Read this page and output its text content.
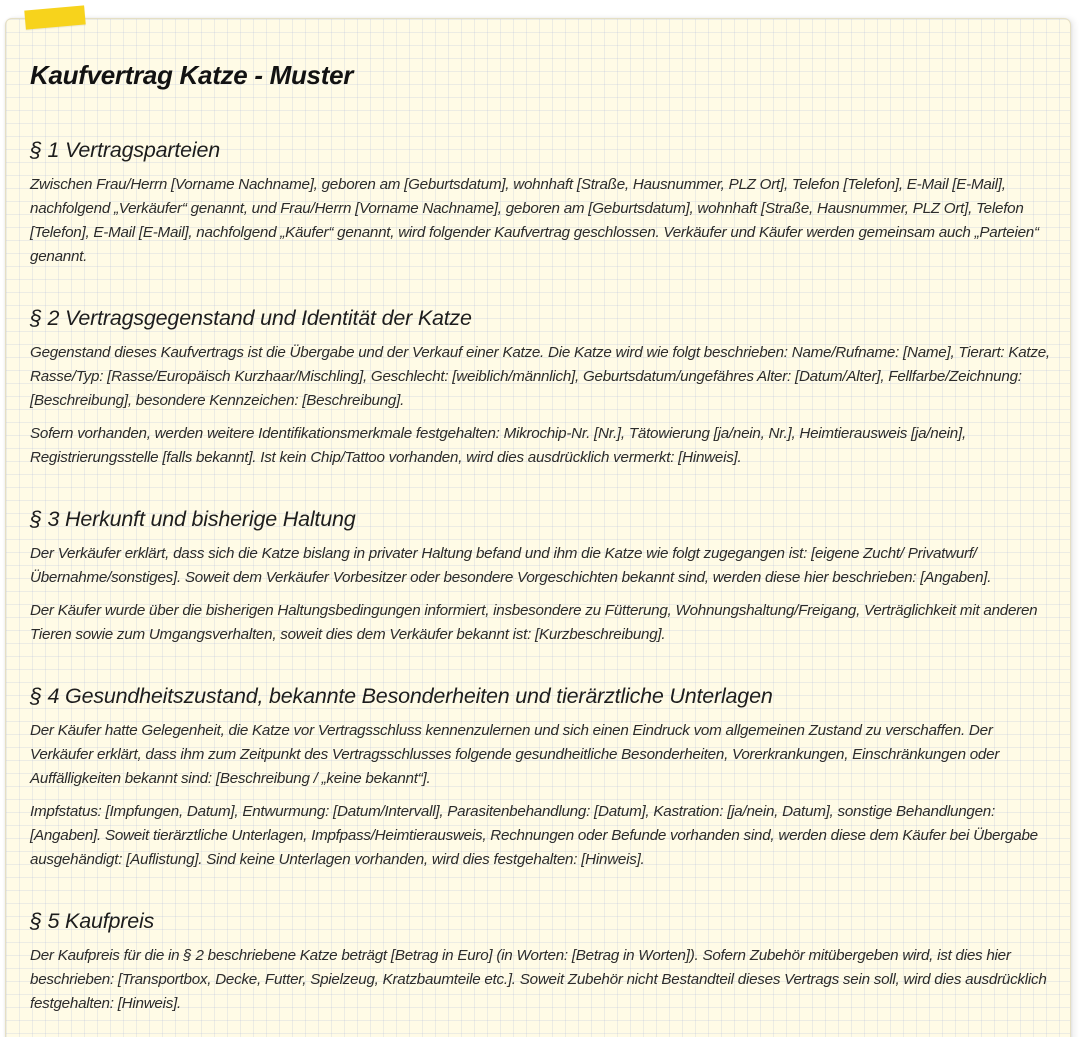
Kaufvertrag Katze - Muster
§ 1 Vertragsparteien

Zwischen Frau/Herrn [Vorname Nachname], geboren am [Geburtsdatum], wohnhaft [Straße, Hausnummer, PLZ Ort], Telefon [Telefon], E-Mail [E-Mail], nachfolgend „Verkäufer“ genannt, und Frau/Herrn [Vorname Nachname], geboren am [Geburtsdatum], wohnhaft [Straße, Hausnummer, PLZ Ort], Telefon [Telefon], E-Mail [E-Mail], nachfolgend „Käufer“ genannt, wird folgender Kaufvertrag geschlossen. Verkäufer und Käufer werden gemeinsam auch „Parteien“ genannt.

§ 2 Vertragsgegenstand und Identität der Katze

Gegenstand dieses Kaufvertrags ist die Übergabe und der Verkauf einer Katze. Die Katze wird wie folgt beschrieben: Name/Rufname: [Name], Tierart: Katze, Rasse/Typ: [Rasse/Europäisch Kurzhaar/Mischling], Geschlecht: [weiblich/männlich], Geburtsdatum/ungefähres Alter: [Datum/Alter], Fellfarbe/Zeichnung: [Beschreibung], besondere Kennzeichen: [Beschreibung].

Sofern vorhanden, werden weitere Identifikationsmerkmale festgehalten: Mikrochip-Nr. [Nr.], Tätowierung [ja/nein, Nr.], Heimtierausweis [ja/nein], Registrierungsstelle [falls bekannt]. Ist kein Chip/Tattoo vorhanden, wird dies ausdrücklich vermerkt: [Hinweis].

§ 3 Herkunft und bisherige Haltung

Der Verkäufer erklärt, dass sich die Katze bislang in privater Haltung befand und ihm die Katze wie folgt zugegangen ist: [eigene Zucht/ Privatwurf/Übernahme/sonstiges]. Soweit dem Verkäufer Vorbesitzer oder besondere Vorgeschichten bekannt sind, werden diese hier beschrieben: [Angaben].

Der Käufer wurde über die bisherigen Haltungsbedingungen informiert, insbesondere zu Fütterung, Wohnungshaltung/Freigang, Verträglichkeit mit anderen Tieren sowie zum Umgangsverhalten, soweit dies dem Verkäufer bekannt ist: [Kurzbeschreibung].

§ 4 Gesundheitszustand, bekannte Besonderheiten und tierärztliche Unterlagen

Der Käufer hatte Gelegenheit, die Katze vor Vertragsschluss kennenzulernen und sich einen Eindruck vom allgemeinen Zustand zu verschaffen. Der Verkäufer erklärt, dass ihm zum Zeitpunkt des Vertragsschlusses folgende gesundheitliche Besonderheiten, Vorerkrankungen, Einschränkungen oder Auffälligkeiten bekannt sind: [Beschreibung / „keine bekannt“].

Impfstatus: [Impfungen, Datum], Entwurmung: [Datum/Intervall], Parasitenbehandlung: [Datum], Kastration: [ja/nein, Datum], sonstige Behandlungen: [Angaben]. Soweit tierärztliche Unterlagen, Impfpass/Heimtierausweis, Rechnungen oder Befunde vorhanden sind, werden diese dem Käufer bei Übergabe ausgehändigt: [Auflistung]. Sind keine Unterlagen vorhanden, wird dies festgehalten: [Hinweis].

§ 5 Kaufpreis

Der Kaufpreis für die in § 2 beschriebene Katze beträgt [Betrag in Euro] (in Worten: [Betrag in Worten]). Sofern Zubehör mitübergeben wird, ist dies hier beschrieben: [Transportbox, Decke, Futter, Spielzeug, Kratzbaumteile etc.]. Soweit Zubehör nicht Bestandteil dieses Vertrags sein soll, wird dies ausdrücklich festgehalten: [Hinweis].
